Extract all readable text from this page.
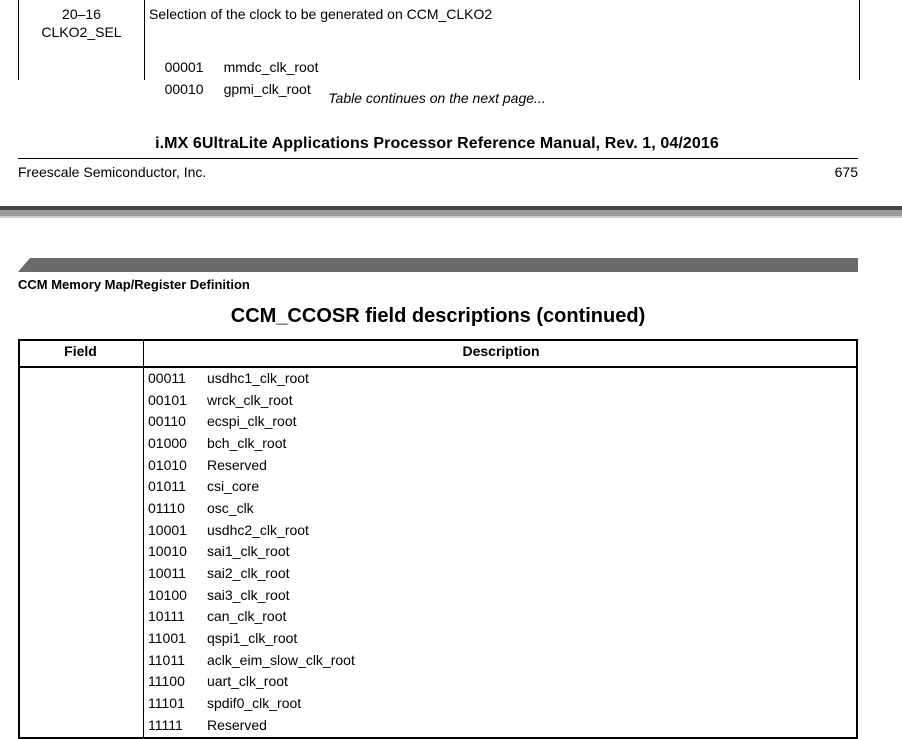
20–16
CLKO2_SEL
Selection of the clock to be generated on CCM_CLKO2

00001 mmdc_clk_root

00010 gpmi_clk_root

Table continues on the next page...
i.MX 6UltraLite Applications Processor Reference Manual, Rev. 1, 04/2016
Freescale Semiconductor, Inc.	675
CCM Memory Map/Register Definition
CCM_CCOSR field descriptions (continued)
Field	Description
00011 usdhc1_clk_root
00101 wrck_clk_root
00110 ecspi_clk_root
01000 bch_clk_root
01010 Reserved
01011 csi_core
01110 osc_clk
10001 usdhc2_clk_root
10010 sai1_clk_root
10011 sai2_clk_root
10100 sai3_clk_root
10111 can_clk_root
11001 qspi1_clk_root
11011 aclk_eim_slow_clk_root
11100 uart_clk_root
11101 spdif0_clk_root
11111 Reserved
